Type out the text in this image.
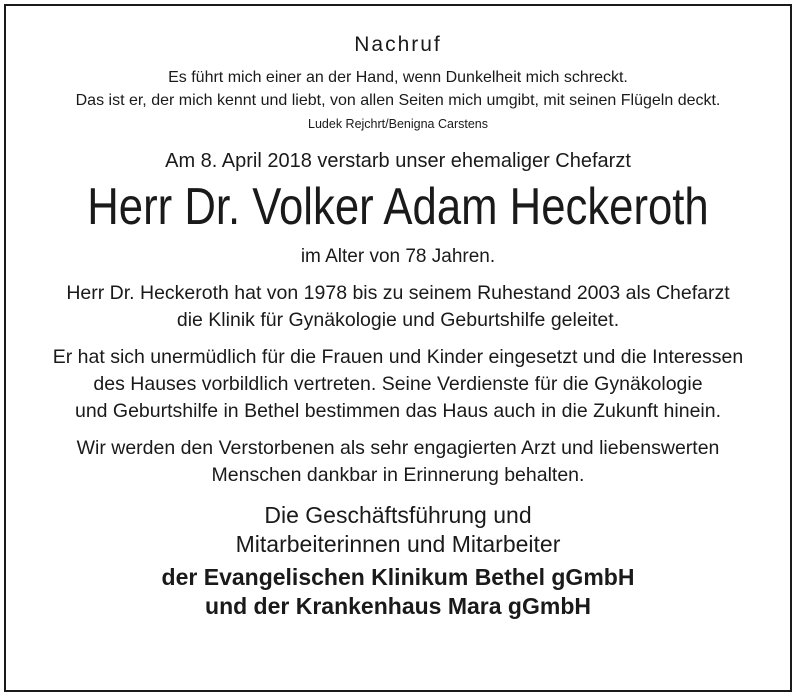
Nachruf
Es führt mich einer an der Hand, wenn Dunkelheit mich schreckt.
Das ist er, der mich kennt und liebt, von allen Seiten mich umgibt, mit seinen Flügeln deckt.
Ludek Rejchrt/Benigna Carstens
Am 8. April 2018 verstarb unser ehemaliger Chefarzt
Herr Dr. Volker Adam Heckeroth
im Alter von 78 Jahren.
Herr Dr. Heckeroth hat von 1978 bis zu seinem Ruhestand 2003 als Chefarzt
die Klinik für Gynäkologie und Geburtshilfe geleitet.
Er hat sich unermüdlich für die Frauen und Kinder eingesetzt und die Interessen
des Hauses vorbildlich vertreten. Seine Verdienste für die Gynäkologie
und Geburtshilfe in Bethel bestimmen das Haus auch in die Zukunft hinein.
Wir werden den Verstorbenen als sehr engagierten Arzt und liebenswerten
Menschen dankbar in Erinnerung behalten.
Die Geschäftsführung und
Mitarbeiterinnen und Mitarbeiter
der Evangelischen Klinikum Bethel gGmbH
und der Krankenhaus Mara gGmbH
